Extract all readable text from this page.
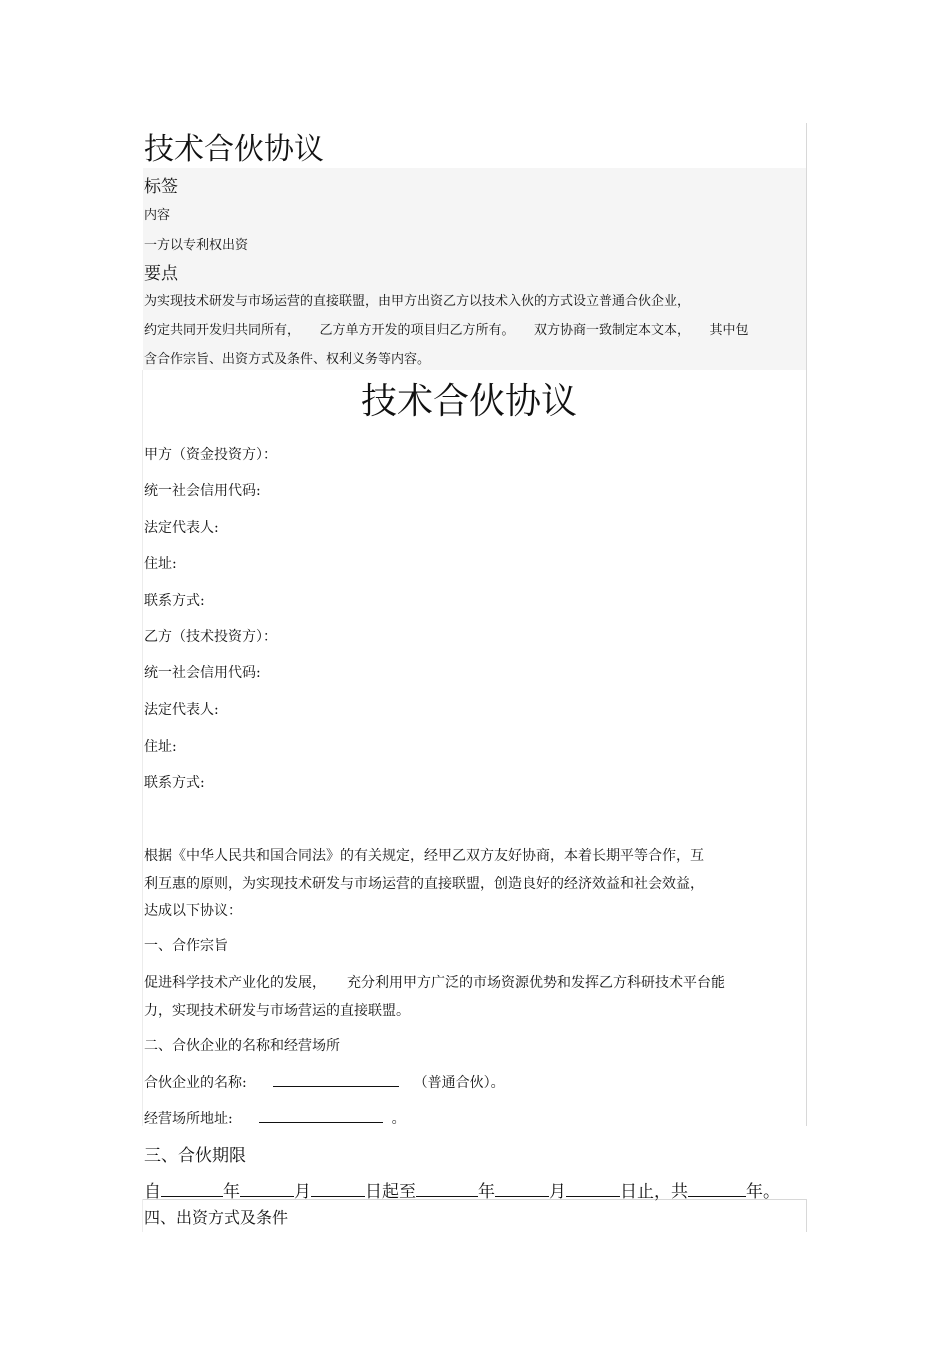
技术合伙协议
标签
内容
一方以专利权出资
要点
为实现技术研发与市场运营的直接联盟，由甲方出资乙方以技术入伙的方式设立普通合伙企业，
约定共同开发归共同所有，　　乙方单方开发的项目归乙方所有。　　双方协商一致制定本文本，　　其中包
含合作宗旨、出资方式及条件、权利义务等内容。
技术合伙协议
甲方（资金投资方）：
统一社会信用代码:
法定代表人:
住址:
联系方式:
乙方（技术投资方）：
统一社会信用代码:
法定代表人:
住址:
联系方式:
根据《中华人民共和国合同法》的有关规定，经甲乙双方友好协商，本着长期平等合作，互
利互惠的原则，为实现技术研发与市场运营的直接联盟，创造良好的经济效益和社会效益，
达成以下协议：
一、合作宗旨
促进科学技术产业化的发展，　　充分利用甲方广泛的市场资源优势和发挥乙方科研技术平台能
力，实现技术研发与市场营运的直接联盟。
二、合伙企业的名称和经营场所
合伙企业的名称:	（普通合伙）。
经营场所地址:	。
三、合伙期限
自	年	月	日起至	年	月	日止，共	年。
四、出资方式及条件
